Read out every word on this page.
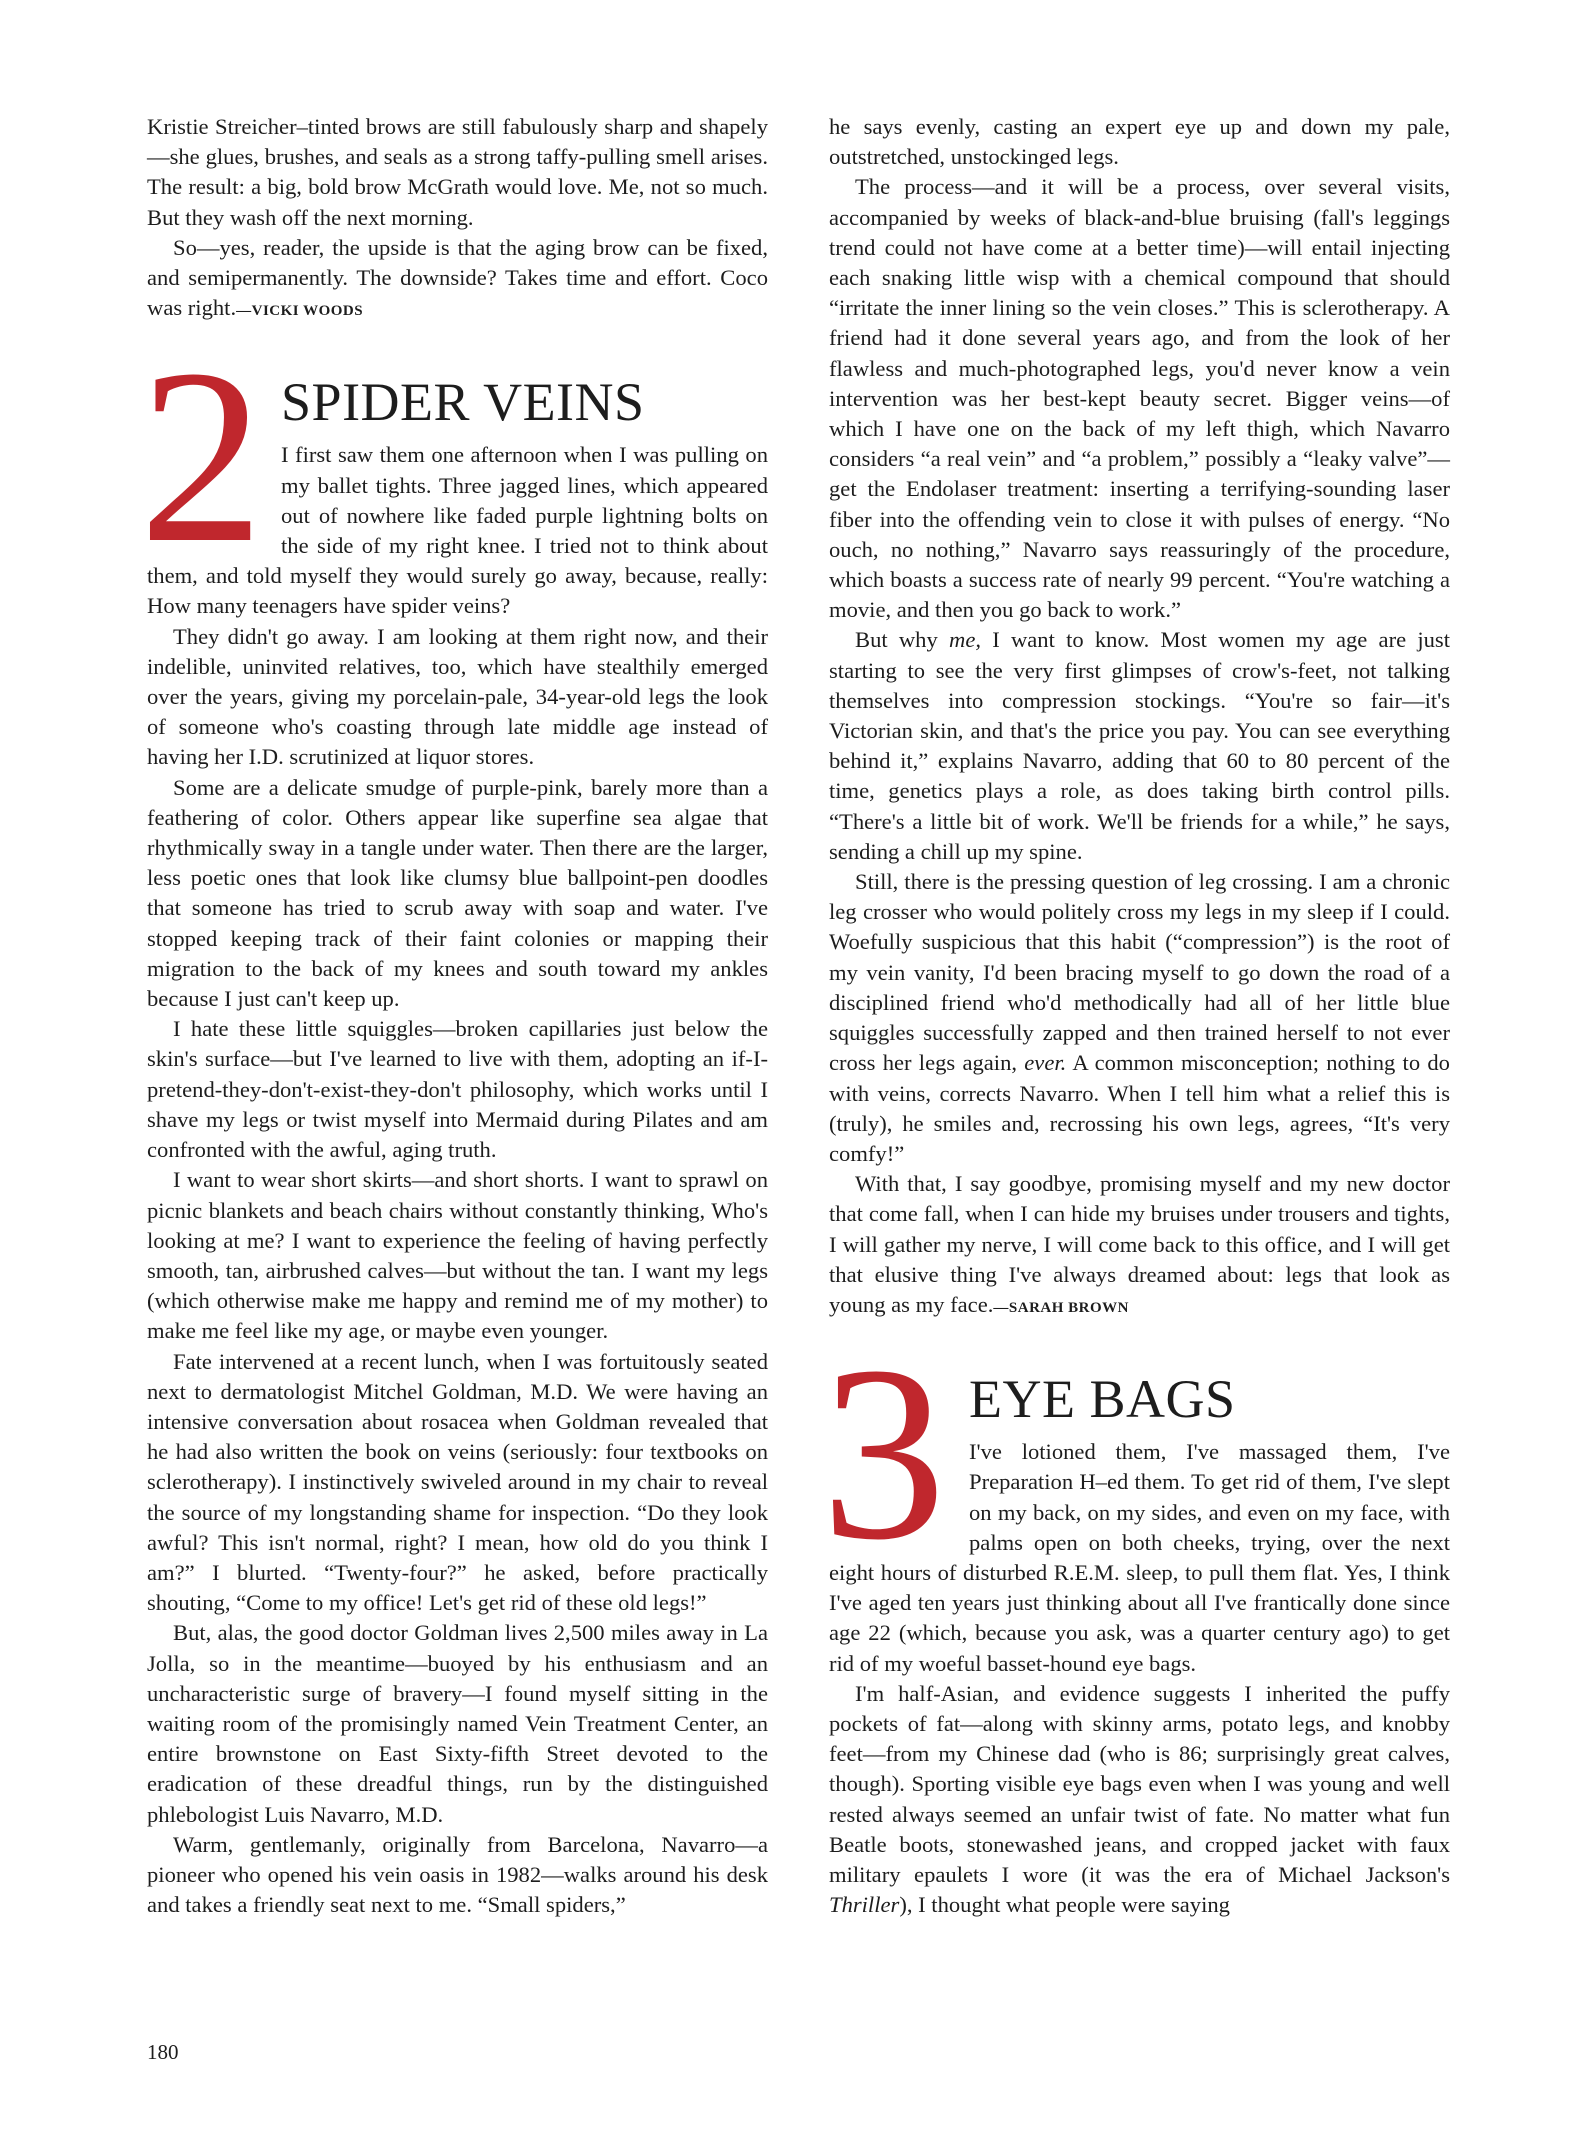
Kristie Streicher–tinted brows are still fabulously sharp and shapely—she glues, brushes, and seals as a strong taffy-pulling smell arises. The result: a big, bold brow McGrath would love. Me, not so much. But they wash off the next morning.

So—yes, reader, the upside is that the aging brow can be fixed, and semipermanently. The downside? Takes time and effort. Coco was right.—VICKI WOODS

2 SPIDER VEINS

I first saw them one afternoon when I was pulling on my ballet tights. Three jagged lines, which appeared out of nowhere like faded purple lightning bolts on the side of my right knee. I tried not to think about them, and told myself they would surely go away, because, really: How many teenagers have spider veins?

They didn't go away. I am looking at them right now, and their indelible, uninvited relatives, too, which have stealthily emerged over the years, giving my porcelain-pale, 34-year-old legs the look of someone who's coasting through late middle age instead of having her I.D. scrutinized at liquor stores.

Some are a delicate smudge of purple-pink, barely more than a feathering of color. Others appear like superfine sea algae that rhythmically sway in a tangle under water. Then there are the larger, less poetic ones that look like clumsy blue ballpoint-pen doodles that someone has tried to scrub away with soap and water. I've stopped keeping track of their faint colonies or mapping their migration to the back of my knees and south toward my ankles because I just can't keep up.

I hate these little squiggles—broken capillaries just below the skin's surface—but I've learned to live with them, adopting an if-I-pretend-they-don't-exist-they-don't philosophy, which works until I shave my legs or twist myself into Mermaid during Pilates and am confronted with the awful, aging truth.

I want to wear short skirts—and short shorts. I want to sprawl on picnic blankets and beach chairs without constantly thinking, Who's looking at me? I want to experience the feeling of having perfectly smooth, tan, airbrushed calves—but without the tan. I want my legs (which otherwise make me happy and remind me of my mother) to make me feel like my age, or maybe even younger.

Fate intervened at a recent lunch, when I was fortuitously seated next to dermatologist Mitchel Goldman, M.D. We were having an intensive conversation about rosacea when Goldman revealed that he had also written the book on veins (seriously: four textbooks on sclerotherapy). I instinctively swiveled around in my chair to reveal the source of my longstanding shame for inspection. “Do they look awful? This isn't normal, right? I mean, how old do you think I am?” I blurted. “Twenty-four?” he asked, before practically shouting, “Come to my office! Let's get rid of these old legs!”

But, alas, the good doctor Goldman lives 2,500 miles away in La Jolla, so in the meantime—buoyed by his enthusiasm and an uncharacteristic surge of bravery—I found myself sitting in the waiting room of the promisingly named Vein Treatment Center, an entire brownstone on East Sixty-fifth Street devoted to the eradication of these dreadful things, run by the distinguished phlebologist Luis Navarro, M.D.

Warm, gentlemanly, originally from Barcelona, Navarro—a pioneer who opened his vein oasis in 1982—walks around his desk and takes a friendly seat next to me. “Small spiders,”

he says evenly, casting an expert eye up and down my pale, outstretched, unstockinged legs.

The process—and it will be a process, over several visits, accompanied by weeks of black-and-blue bruising (fall's leggings trend could not have come at a better time)—will entail injecting each snaking little wisp with a chemical compound that should “irritate the inner lining so the vein closes.” This is sclerotherapy. A friend had it done several years ago, and from the look of her flawless and much-photographed legs, you'd never know a vein intervention was her best-kept beauty secret. Bigger veins—of which I have one on the back of my left thigh, which Navarro considers “a real vein” and “a problem,” possibly a “leaky valve”—get the Endolaser treatment: inserting a terrifying-sounding laser fiber into the offending vein to close it with pulses of energy. “No ouch, no nothing,” Navarro says reassuringly of the procedure, which boasts a success rate of nearly 99 percent. “You're watching a movie, and then you go back to work.”

But why me, I want to know. Most women my age are just starting to see the very first glimpses of crow's-feet, not talking themselves into compression stockings. “You're so fair—it's Victorian skin, and that's the price you pay. You can see everything behind it,” explains Navarro, adding that 60 to 80 percent of the time, genetics plays a role, as does taking birth control pills. “There's a little bit of work. We'll be friends for a while,” he says, sending a chill up my spine.

Still, there is the pressing question of leg crossing. I am a chronic leg crosser who would politely cross my legs in my sleep if I could. Woefully suspicious that this habit (“compression”) is the root of my vein vanity, I'd been bracing myself to go down the road of a disciplined friend who'd methodically had all of her little blue squiggles successfully zapped and then trained herself to not ever cross her legs again, ever. A common misconception; nothing to do with veins, corrects Navarro. When I tell him what a relief this is (truly), he smiles and, recrossing his own legs, agrees, “It's very comfy!”

With that, I say goodbye, promising myself and my new doctor that come fall, when I can hide my bruises under trousers and tights, I will gather my nerve, I will come back to this office, and I will get that elusive thing I've always dreamed about: legs that look as young as my face.—SARAH BROWN

3 EYE BAGS

I've lotioned them, I've massaged them, I've Preparation H–ed them. To get rid of them, I've slept on my back, on my sides, and even on my face, with palms open on both cheeks, trying, over the next eight hours of disturbed R.E.M. sleep, to pull them flat. Yes, I think I've aged ten years just thinking about all I've frantically done since age 22 (which, because you ask, was a quarter century ago) to get rid of my woeful basset-hound eye bags.

I'm half-Asian, and evidence suggests I inherited the puffy pockets of fat—along with skinny arms, potato legs, and knobby feet—from my Chinese dad (who is 86; surprisingly great calves, though). Sporting visible eye bags even when I was young and well rested always seemed an unfair twist of fate. No matter what fun Beatle boots, stonewashed jeans, and cropped jacket with faux military epaulets I wore (it was the era of Michael Jackson's Thriller), I thought what people were saying

180
